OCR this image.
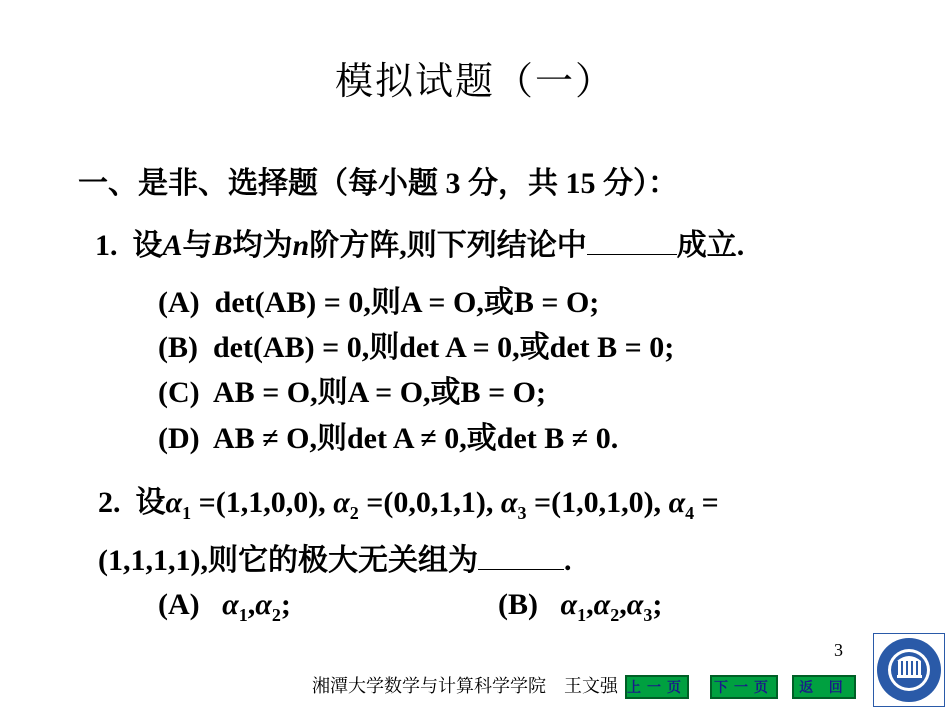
模拟试题（一）
一、是非、选择题（每小题 3 分，共 15 分）：
1. 设A与B均为n阶方阵,则下列结论中	成立.
(A) det(AB) = 0,则A = O,或B = O;
(B) det(AB) = 0,则det A = 0,或det B = 0;
(C) AB = O,则A = O,或B = O;
(D) AB ≠ O,则det A ≠ 0,或det B ≠ 0.
2. 设$\alpha_1 =(1,1,0,0)$, $\alpha_2 =(0,0,1,1)$, $\alpha_3 =(1,0,1,0)$, $\alpha_4$ =
(1,1,1,1),则它的极大无关组为	.
(A) $\alpha_1,\alpha_2$;	(B) $\alpha_1,\alpha_2,\alpha_3$;
3
湘潭大学数学与计算科学学院　王文强 上一页 下一页	返 回
